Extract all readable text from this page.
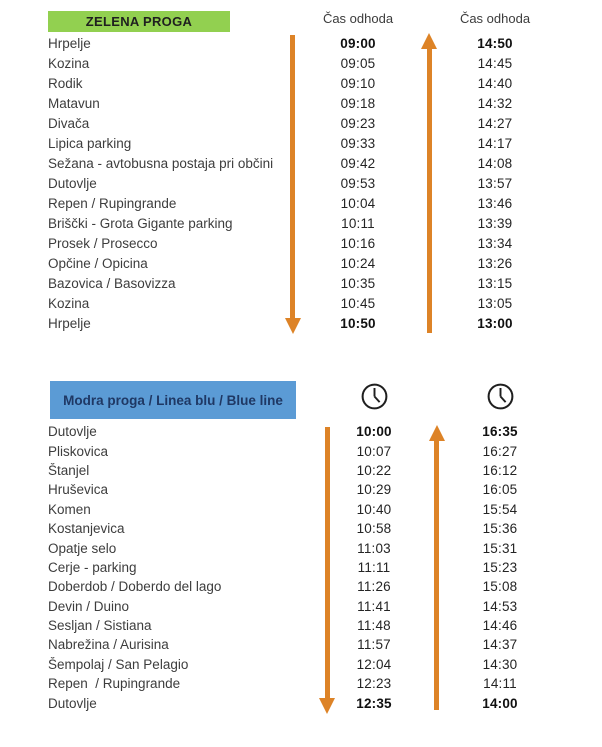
ZELENA PROGA	Čas odhoda	Čas odhoda
Hrpelje	09:00	14:50
Kozina	09:05	14:45
Rodik	09:10	14:40
Matavun	09:18	14:32
Divača	09:23	14:27
Lipica parking	09:33	14:17
Sežana - avtobusna postaja pri občini	09:42	14:08
Dutovlje	09:53	13:57
Repen / Rupingrande	10:04	13:46
Briščki - Grota Gigante parking	10:11	13:39
Prosek / Prosecco	10:16	13:34
Opčine / Opicina	10:24	13:26
Bazovica / Basovizza	10:35	13:15
Kozina	10:45	13:05
Hrpelje	10:50	13:00
Modra proga / Linea blu / Blue line
Dutovlje	10:00	16:35
Pliskovica	10:07	16:27
Štanjel	10:22	16:12
Hruševica	10:29	16:05
Komen	10:40	15:54
Kostanjevica	10:58	15:36
Opatje selo	11:03	15:31
Cerje - parking	11:11	15:23
Doberdob / Doberdo del lago	11:26	15:08
Devin / Duino	11:41	14:53
Sesljan / Sistiana	11:48	14:46
Nabrežina / Aurisina	11:57	14:37
Šempolaj / San Pelagio	12:04	14:30
Repen  / Rupingrande	12:23	14:11
Dutovlje	12:35	14:00
